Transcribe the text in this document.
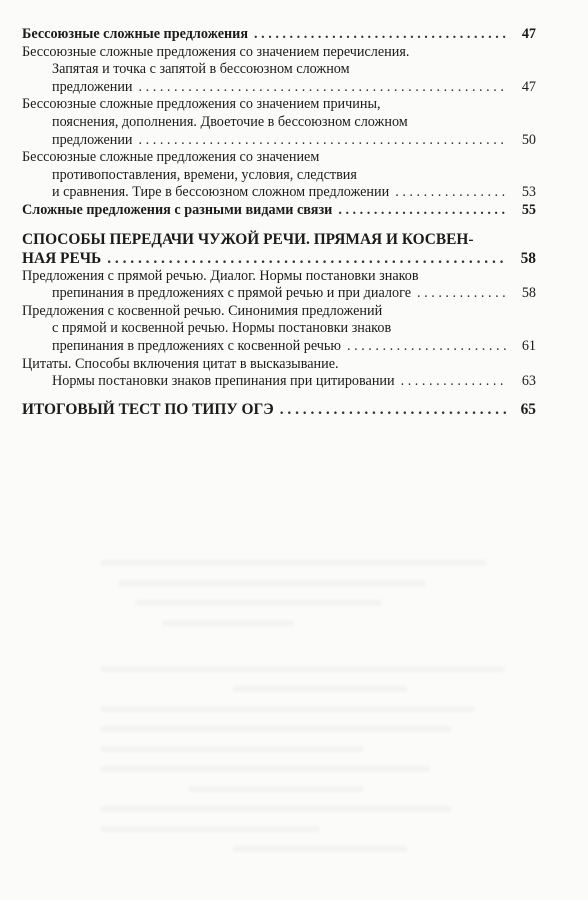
Бессоюзные сложные предложения . . .	47
Бессоюзные сложные предложения со значением перечисления.
Запятая и точка с запятой в бессоюзном сложном
предложении . . .	47
Бессоюзные сложные предложения со значением причины,
пояснения, дополнения. Двоеточие в бессоюзном сложном
предложении . . .	50
Бессоюзные сложные предложения со значением
противопоставления, времени, условия, следствия
и сравнения. Тире в бессоюзном сложном предложении . . .	53
Сложные предложения с разными видами связи . . .	55
СПОСОБЫ ПЕРЕДАЧИ ЧУЖОЙ РЕЧИ. ПРЯМАЯ И КОСВЕН-
НАЯ РЕЧЬ . . .	58
Предложения с прямой речью. Диалог. Нормы постановки знаков
препинания в предложениях с прямой речью и при диалоге . . .	58
Предложения с косвенной речью. Синонимия предложений
с прямой и косвенной речью. Нормы постановки знаков
препинания в предложениях с косвенной речью . . .	61
Цитаты. Способы включения цитат в высказывание.
Нормы постановки знаков препинания при цитировании . . .	63
ИТОГОВЫЙ ТЕСТ ПО ТИПУ ОГЭ . . .	65
